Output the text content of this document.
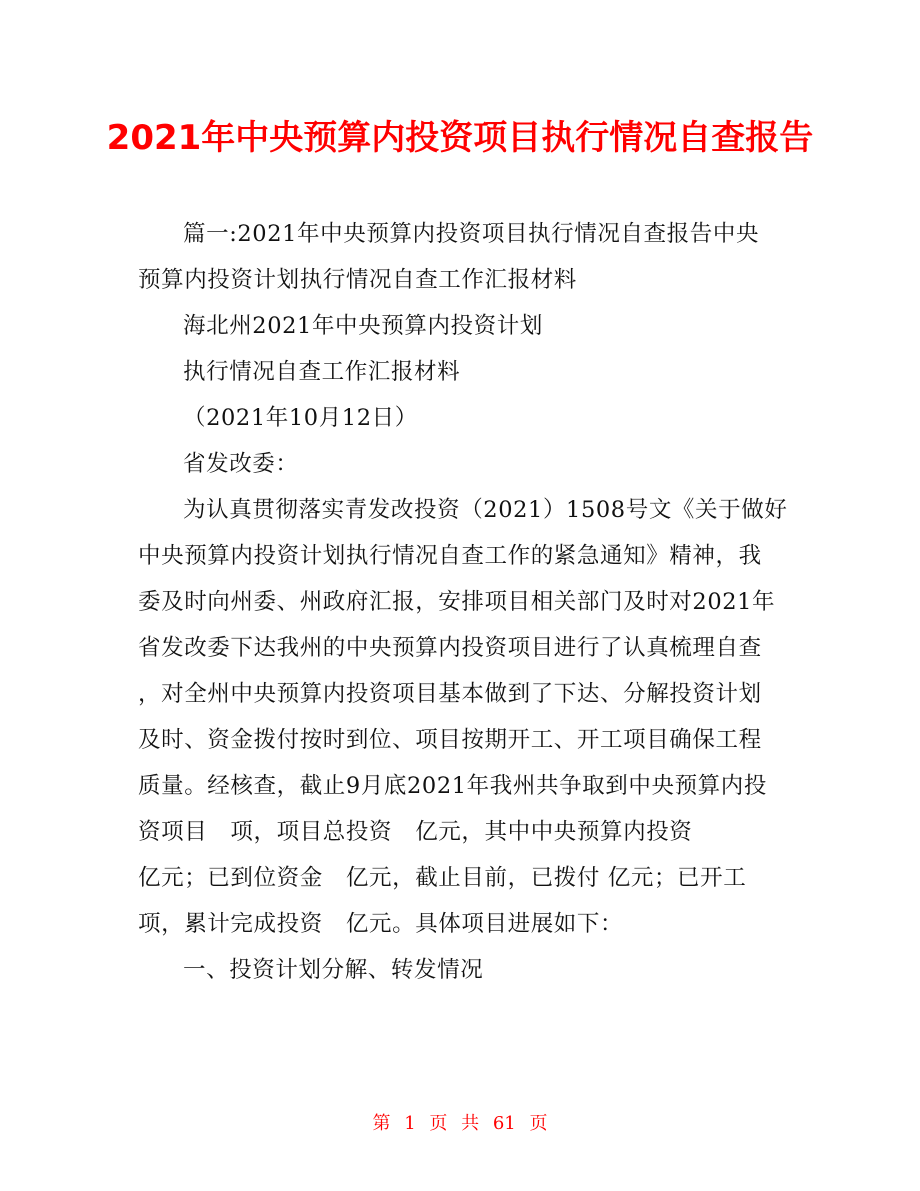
2021年中央预算内投资项目执行情况自查报告
篇一:2021年中央预算内投资项目执行情况自查报告中央
预算内投资计划执行情况自查工作汇报材料
海北州2021年中央预算内投资计划
执行情况自查工作汇报材料
（2021年10月12日）
省发改委：
为认真贯彻落实青发改投资（2021）1508号文《关于做好
中央预算内投资计划执行情况自查工作的紧急通知》精神，我
委及时向州委、州政府汇报，安排项目相关部门及时对2021年
省发改委下达我州的中央预算内投资项目进行了认真梳理自查
，对全州中央预算内投资项目基本做到了下达、分解投资计划
及时、资金拨付按时到位、项目按期开工、开工项目确保工程
质量。经核查，截止9月底2021年我州共争取到中央预算内投
资项目　项，项目总投资　亿元，其中中央预算内投资
亿元；已到位资金　亿元，截止目前，已拨付 亿元；已开工
项，累计完成投资　亿元。具体项目进展如下：
一、投资计划分解、转发情况
第 1 页 共 61 页
